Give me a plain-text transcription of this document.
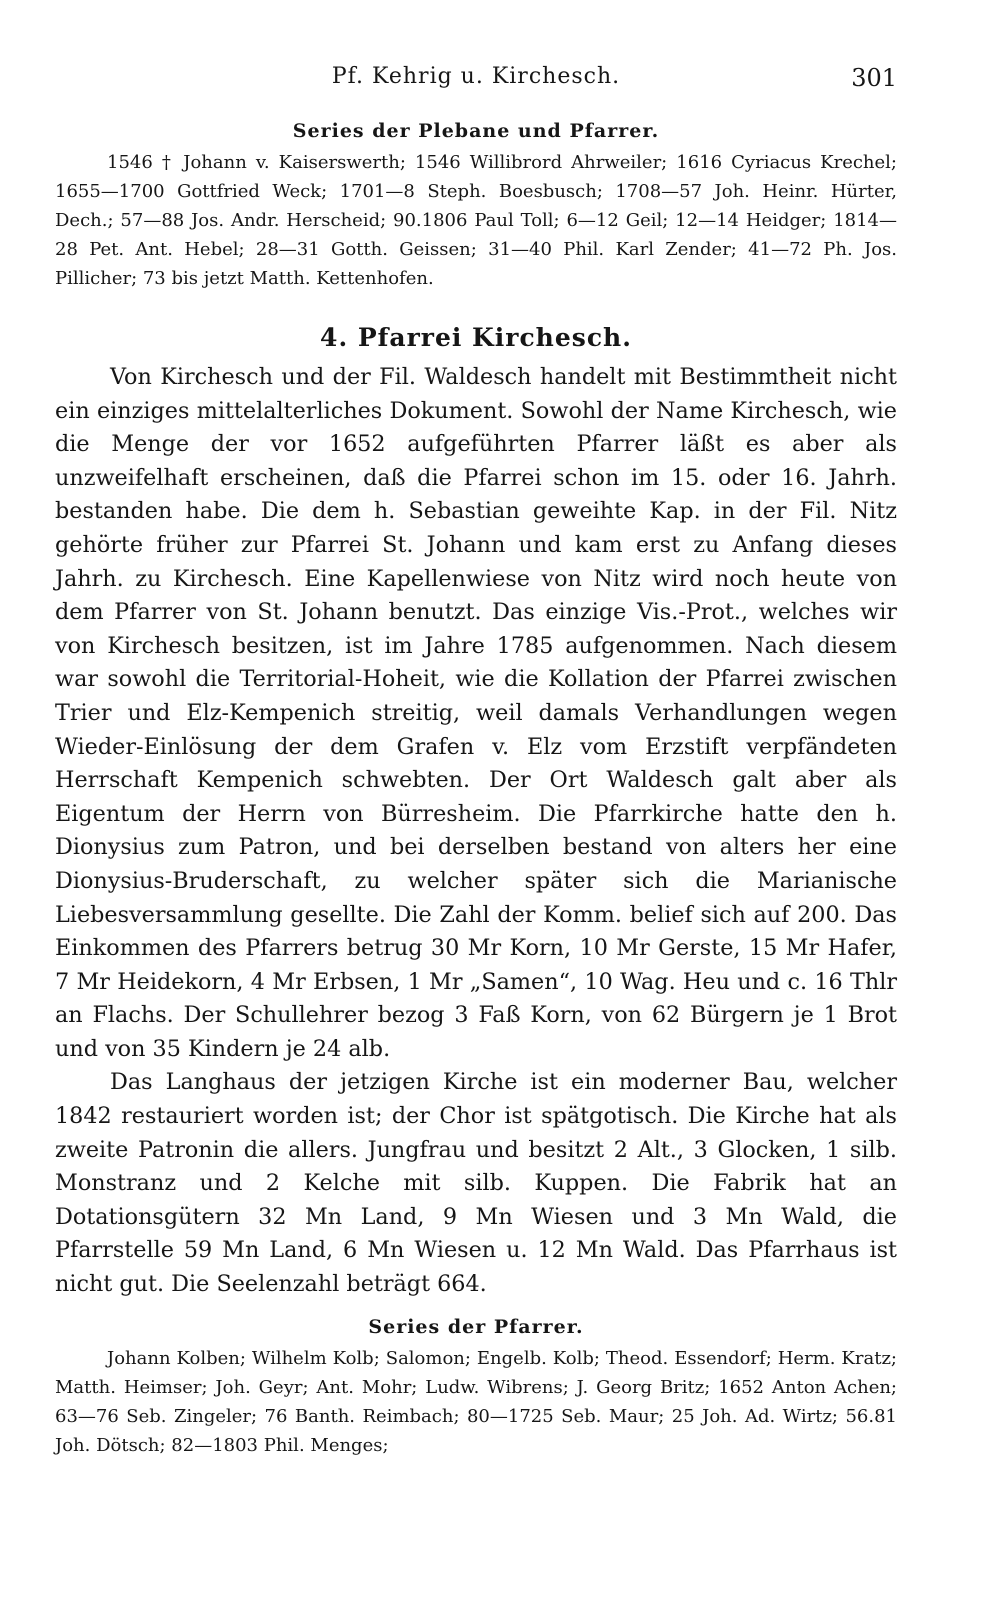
Pf. Kehrig u. Kirchesch.	301
Series der Plebane und Pfarrer.

1546 † Johann v. Kaiserswerth; 1546 Willibrord Ahrweiler; 1616 Cyriacus Krechel; 1655—1700 Gottfried Weck; 1701—8 Steph. Boesbusch; 1708—57 Joh. Heinr. Hürter, Dech.; 57—88 Jos. Andr. Herscheid; 90.1806 Paul Toll; 6—12 Geil; 12—14 Heidger; 1814—28 Pet. Ant. Hebel; 28—31 Gotth. Geissen; 31—40 Phil. Karl Zender; 41—72 Ph. Jos. Pillicher; 73 bis jetzt Matth. Kettenhofen.

4. Pfarrei Kirchesch.

Von Kirchesch und der Fil. Waldesch handelt mit Bestimmtheit nicht ein einziges mittelalterliches Dokument. Sowohl der Name Kirchesch, wie die Menge der vor 1652 aufgeführten Pfarrer läßt es aber als unzweifelhaft erscheinen, daß die Pfarrei schon im 15. oder 16. Jahrh. bestanden habe. Die dem h. Sebastian geweihte Kap. in der Fil. Nitz gehörte früher zur Pfarrei St. Johann und kam erst zu Anfang dieses Jahrh. zu Kirchesch. Eine Kapellenwiese von Nitz wird noch heute von dem Pfarrer von St. Johann benutzt. Das einzige Vis.-Prot., welches wir von Kirchesch besitzen, ist im Jahre 1785 aufgenommen. Nach diesem war sowohl die Territorial-Hoheit, wie die Kollation der Pfarrei zwischen Trier und Elz-Kempenich streitig, weil damals Verhandlungen wegen Wieder-Einlösung der dem Grafen v. Elz vom Erzstift verpfändeten Herrschaft Kempenich schwebten. Der Ort Waldesch galt aber als Eigentum der Herrn von Bürresheim. Die Pfarrkirche hatte den h. Dionysius zum Patron, und bei derselben bestand von alters her eine Dionysius-Bruderschaft, zu welcher später sich die Marianische Liebesversammlung gesellte. Die Zahl der Komm. belief sich auf 200. Das Einkommen des Pfarrers betrug 30 Mr Korn, 10 Mr Gerste, 15 Mr Hafer, 7 Mr Heidekorn, 4 Mr Erbsen, 1 Mr „Samen“, 10 Wag. Heu und c. 16 Thlr an Flachs. Der Schullehrer bezog 3 Faß Korn, von 62 Bürgern je 1 Brot und von 35 Kindern je 24 alb.

Das Langhaus der jetzigen Kirche ist ein moderner Bau, welcher 1842 restauriert worden ist; der Chor ist spätgotisch. Die Kirche hat als zweite Patronin die allers. Jungfrau und besitzt 2 Alt., 3 Glocken, 1 silb. Monstranz und 2 Kelche mit silb. Kuppen. Die Fabrik hat an Dotationsgütern 32 Mn Land, 9 Mn Wiesen und 3 Mn Wald, die Pfarrstelle 59 Mn Land, 6 Mn Wiesen u. 12 Mn Wald. Das Pfarrhaus ist nicht gut. Die Seelenzahl beträgt 664.

Series der Pfarrer.

Johann Kolben; Wilhelm Kolb; Salomon; Engelb. Kolb; Theod. Essendorf; Herm. Kratz; Matth. Heimser; Joh. Geyr; Ant. Mohr; Ludw. Wibrens; J. Georg Britz; 1652 Anton Achen; 63—76 Seb. Zingeler; 76 Banth. Reimbach; 80—1725 Seb. Maur; 25 Joh. Ad. Wirtz; 56.81 Joh. Dötsch; 82—1803 Phil. Menges;
